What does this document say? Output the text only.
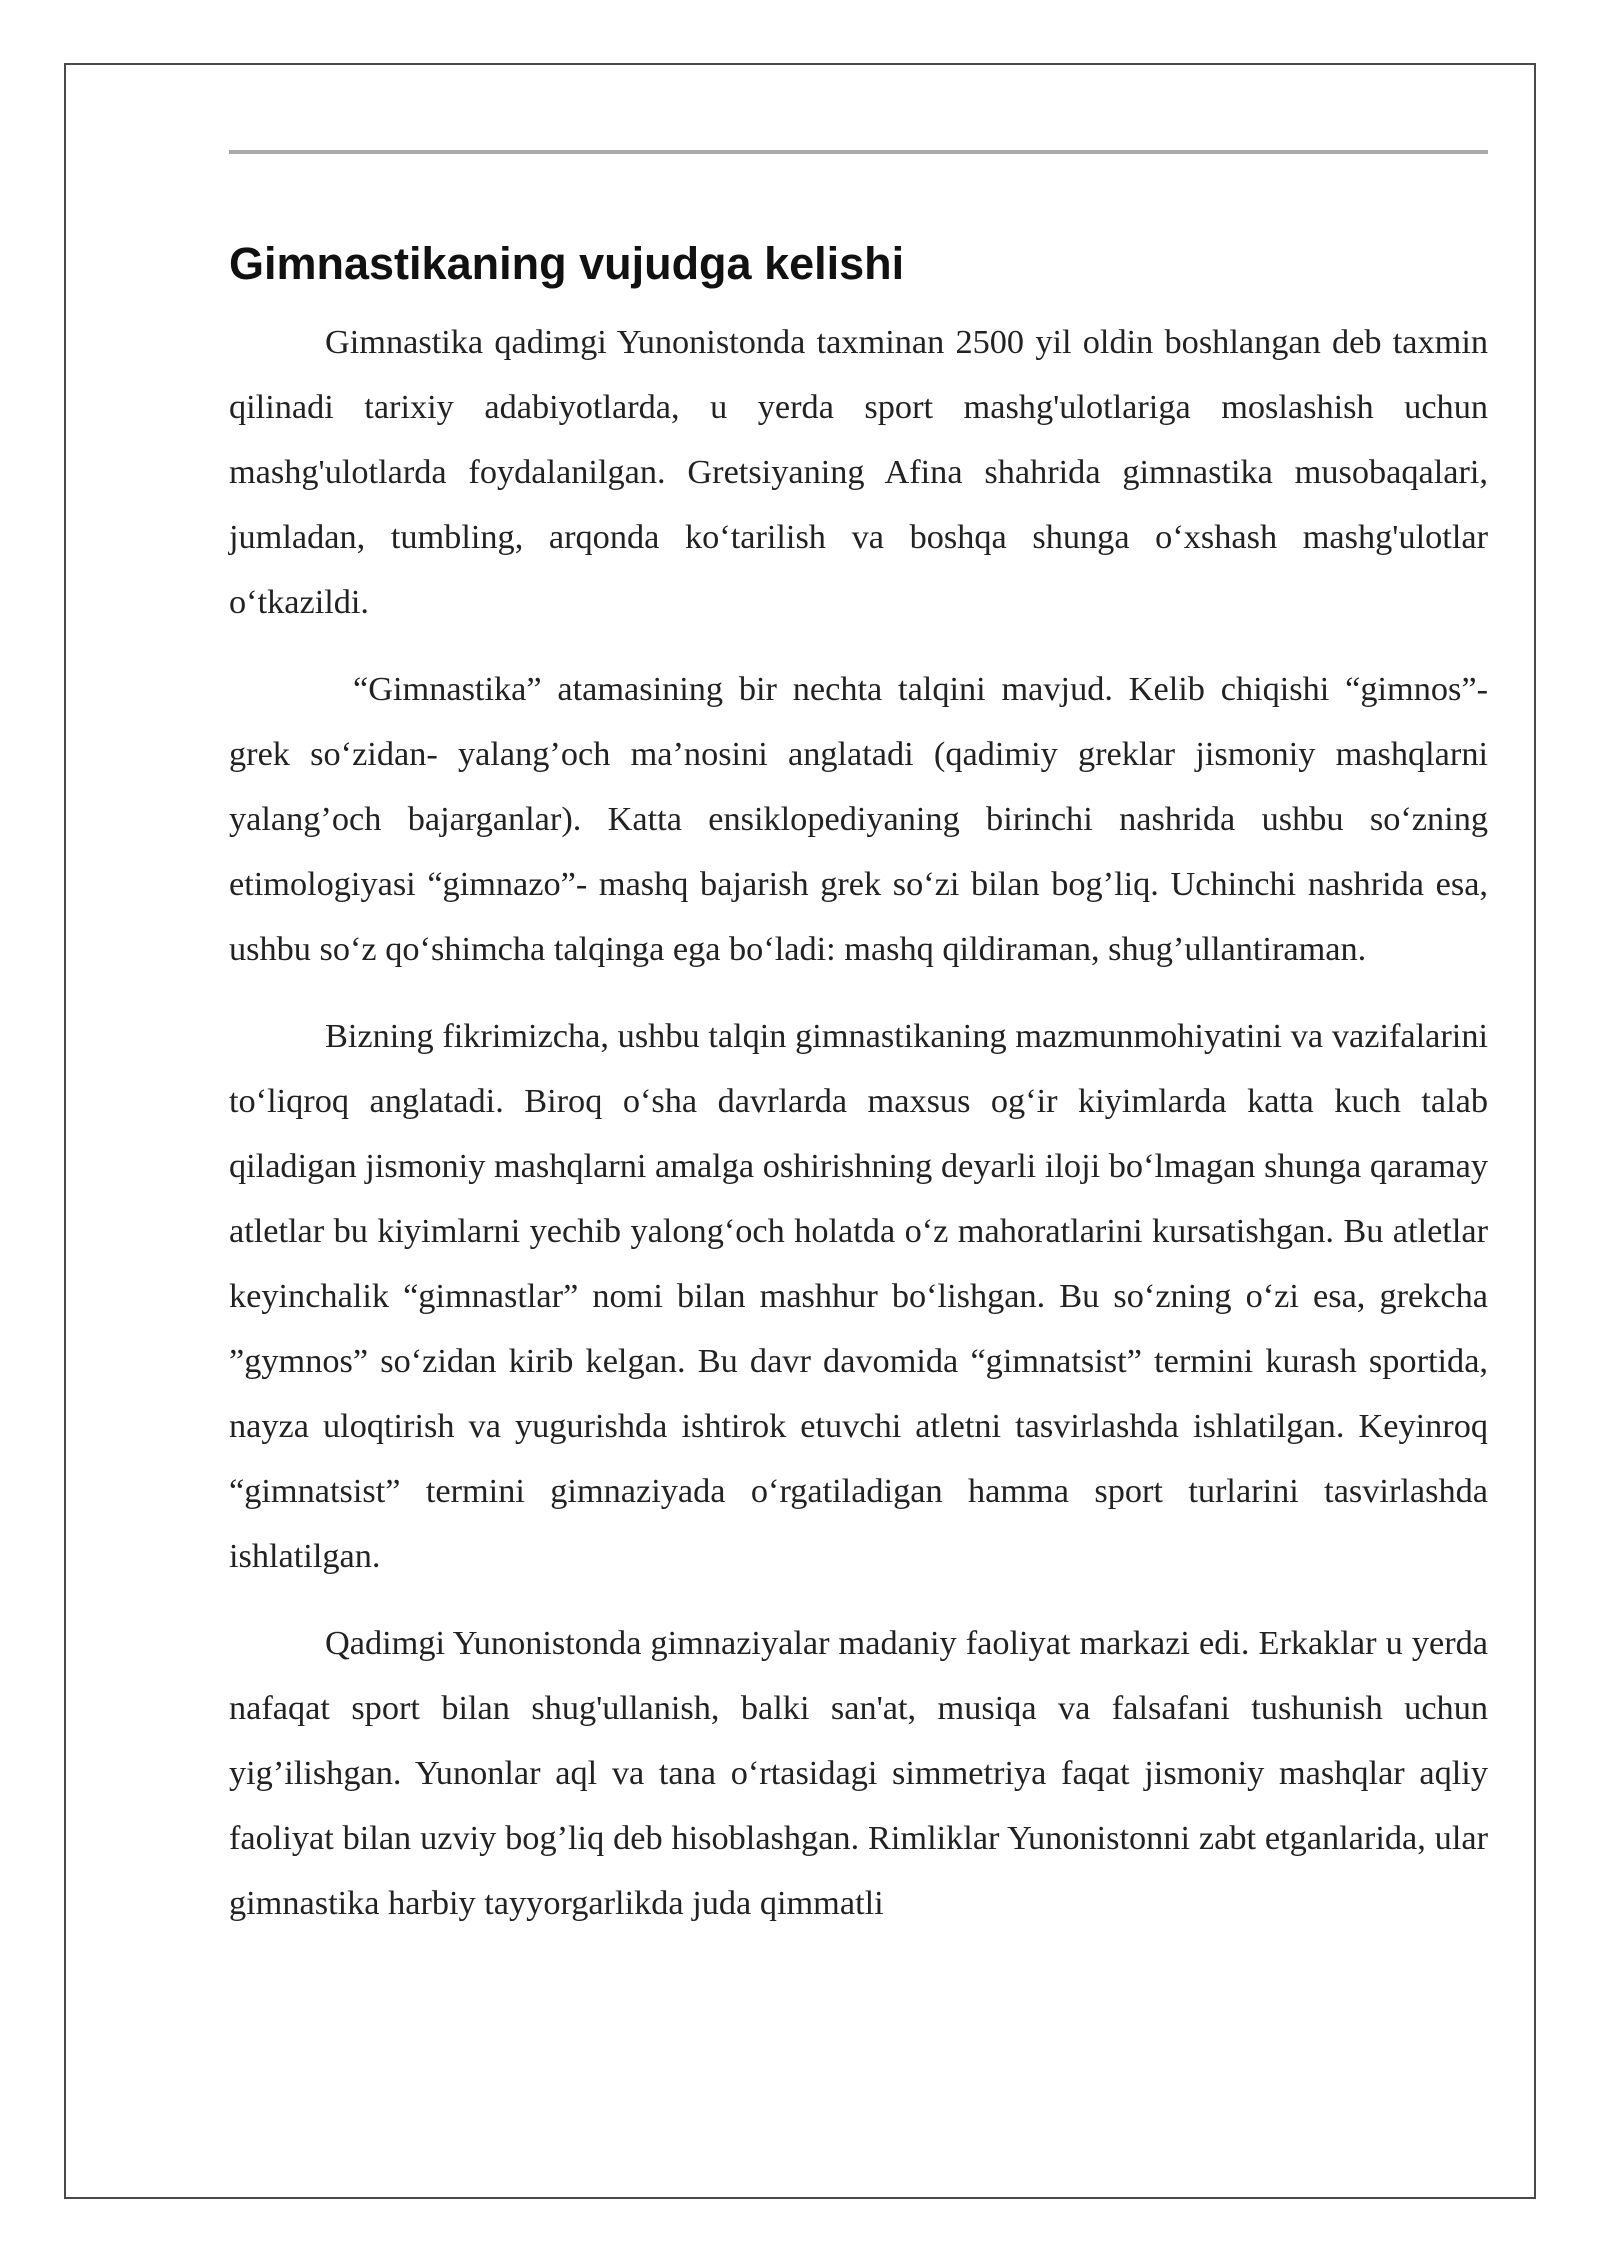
Gimnastikaning vujudga kelishi

Gimnastika qadimgi Yunonistonda taxminan 2500 yil oldin boshlangan deb taxmin qilinadi tarixiy adabiyotlarda, u yerda sport mashg'ulotlariga moslashish uchun mashg'ulotlarda foydalanilgan. Gretsiyaning Afina shahrida gimnastika musobaqalari, jumladan, tumbling, arqonda ko‘tarilish va boshqa shunga o‘xshash mashg'ulotlar o‘tkazildi.

“Gimnastika” atamasining bir nechta talqini mavjud. Kelib chiqishi “gimnos”- grek so‘zidan- yalang’och ma’nosini anglatadi (qadimiy greklar jismoniy mashqlarni yalang’och bajarganlar). Katta ensiklopediyaning birinchi nashrida ushbu so‘zning etimologiyasi “gimnazo”- mashq bajarish grek so‘zi bilan bog’liq. Uchinchi nashrida esa, ushbu so‘z qo‘shimcha talqinga ega bo‘ladi: mashq qildiraman, shug’ullantiraman.

Bizning fikrimizcha, ushbu talqin gimnastikaning mazmunmohiyatini va vazifalarini to‘liqroq anglatadi. Biroq o‘sha davrlarda maxsus og‘ir kiyimlarda katta kuch talab qiladigan jismoniy mashqlarni amalga oshirishning deyarli iloji bo‘lmagan shunga qaramay atletlar bu kiyimlarni yechib yalong‘och holatda o‘z mahoratlarini kursatishgan. Bu atletlar keyinchalik “gimnastlar” nomi bilan mashhur bo‘lishgan. Bu so‘zning o‘zi esa, grekcha ”gymnos” so‘zidan kirib kelgan. Bu davr davomida “gimnatsist” termini kurash sportida, nayza uloqtirish va yugurishda ishtirok etuvchi atletni tasvirlashda ishlatilgan. Keyinroq “gimnatsist” termini gimnaziyada o‘rgatiladigan hamma sport turlarini tasvirlashda ishlatilgan.

Qadimgi Yunonistonda gimnaziyalar madaniy faoliyat markazi edi. Erkaklar u yerda nafaqat sport bilan shug'ullanish, balki san'at, musiqa va falsafani tushunish uchun yig’ilishgan. Yunonlar aql va tana o‘rtasidagi simmetriya faqat jismoniy mashqlar aqliy faoliyat bilan uzviy bog’liq deb hisoblashgan. Rimliklar Yunonistonni zabt etganlarida, ular gimnastika harbiy tayyorgarlikda juda qimmatli
